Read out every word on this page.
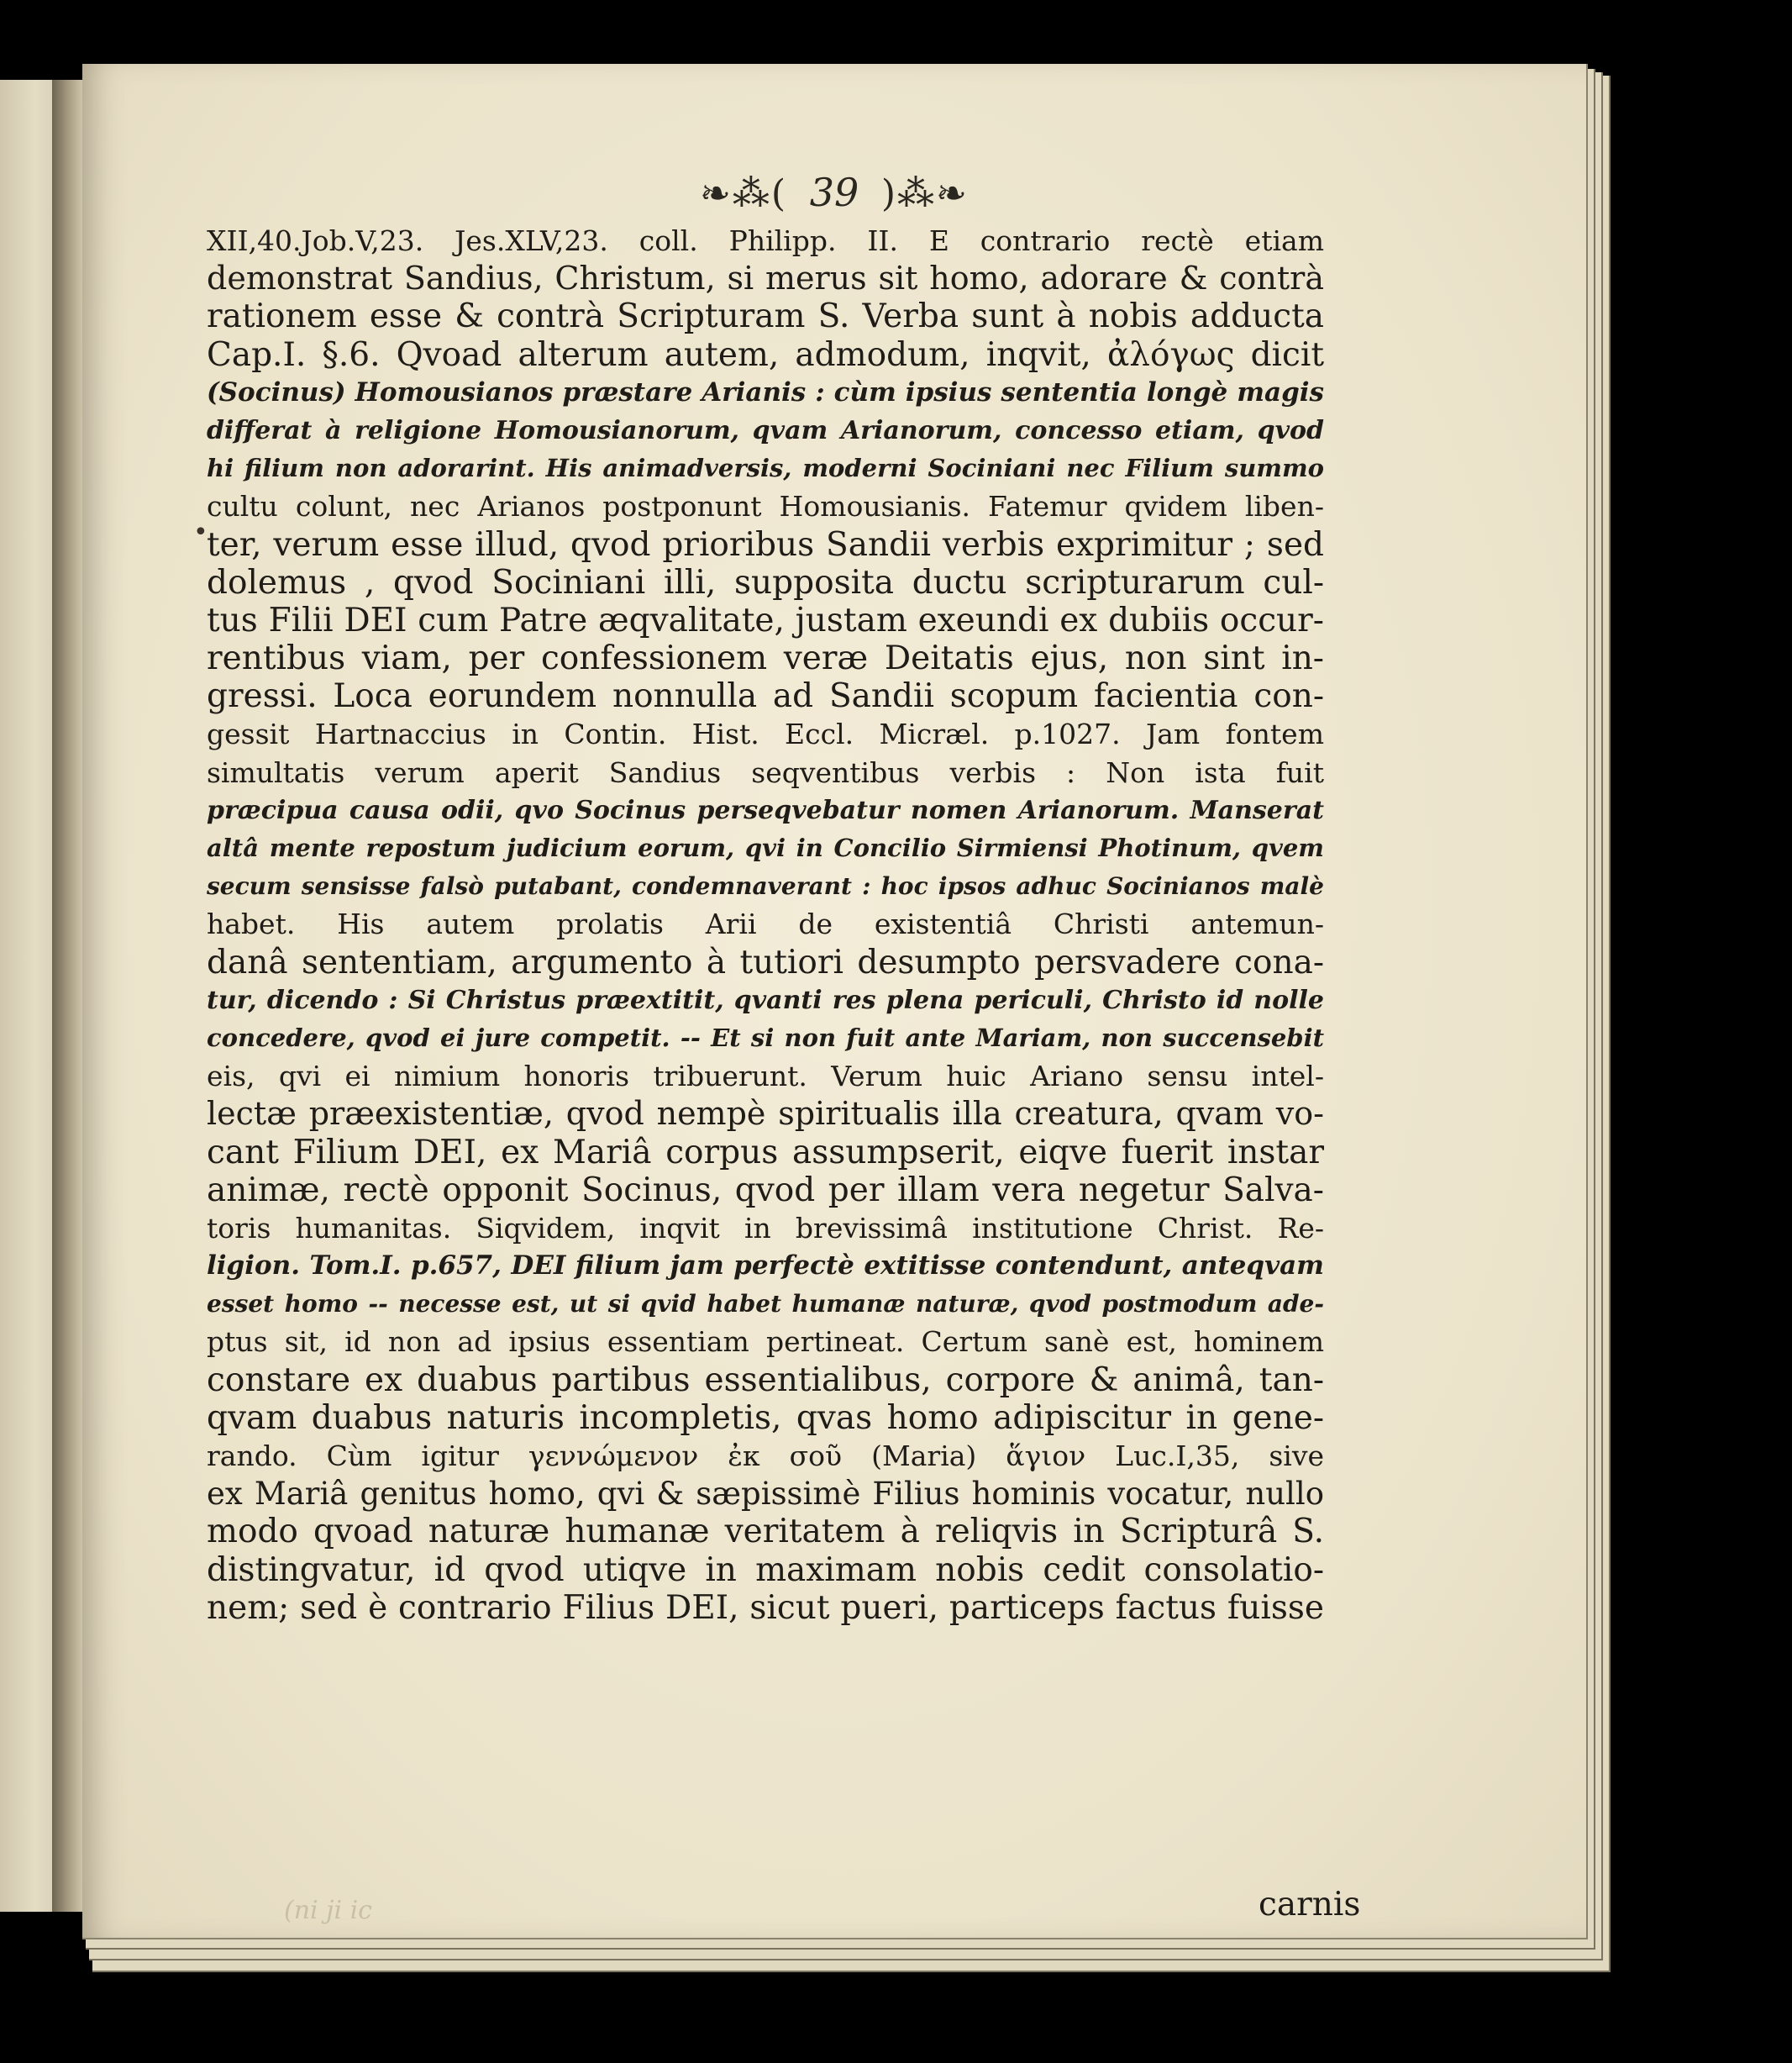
❧⁂( 39 )⁂❧
•
XII,40.Job.V,23. Jes.XLV,23. coll. Philipp. II. E contrario rectè etiam
demonstrat Sandius, Christum, si merus sit homo, adorare & contrà
rationem esse & contrà Scripturam S. Verba sunt à nobis adducta
Cap.I. §.6. Qvoad alterum autem, admodum, inqvit, ἀλόγως dicit
(Socinus) Homousianos præstare Arianis : cùm ipsius sententia longè magis
differat à religione Homousianorum, qvam Arianorum, concesso etiam, qvod
hi filium non adorarint. His animadversis, moderni Sociniani nec Filium summo
cultu colunt, nec Arianos postponunt Homousianis. Fatemur qvidem liben-
ter, verum esse illud, qvod prioribus Sandii verbis exprimitur ; sed
dolemus , qvod Sociniani illi, supposita ductu scripturarum cul-
tus Filii DEI cum Patre æqvalitate, justam exeundi ex dubiis occur-
rentibus viam, per confessionem veræ Deitatis ejus, non sint in-
gressi. Loca eorundem nonnulla ad Sandii scopum facientia con-
gessit Hartnaccius in Contin. Hist. Eccl. Micræl. p.1027. Jam fontem
simultatis verum aperit Sandius seqventibus verbis : Non ista fuit
præcipua causa odii, qvo Socinus perseqvebatur nomen Arianorum. Manserat
altâ mente repostum judicium eorum, qvi in Concilio Sirmiensi Photinum, qvem
secum sensisse falsò putabant, condemnaverant : hoc ipsos adhuc Socinianos malè
habet. His autem prolatis Arii de existentiâ Christi antemun-
danâ sententiam, argumento à tutiori desumpto persvadere cona-
tur, dicendo : Si Christus præextitit, qvanti res plena periculi, Christo id nolle
concedere, qvod ei jure competit. -- Et si non fuit ante Mariam, non succensebit
eis, qvi ei nimium honoris tribuerunt. Verum huic Ariano sensu intel-
lectæ præexistentiæ, qvod nempè spiritualis illa creatura, qvam vo-
cant Filium DEI, ex Mariâ corpus assumpserit, eiqve fuerit instar
animæ, rectè opponit Socinus, qvod per illam vera negetur Salva-
toris humanitas. Siqvidem, inqvit in brevissimâ institutione Christ. Re-
ligion. Tom.I. p.657, DEI filium jam perfectè extitisse contendunt, anteqvam
esset homo -- necesse est, ut si qvid habet humanæ naturæ, qvod postmodum ade-
ptus sit, id non ad ipsius essentiam pertineat. Certum sanè est, hominem
constare ex duabus partibus essentialibus, corpore & animâ, tan-
qvam duabus naturis incompletis, qvas homo adipiscitur in gene-
rando. Cùm igitur γεννώμενον ἐκ σοῦ (Maria) ἅγιον Luc.I,35, sive
ex Mariâ genitus homo, qvi & sæpissimè Filius hominis vocatur, nullo
modo qvoad naturæ humanæ veritatem à reliqvis in Scripturâ S.
distingvatur, id qvod utiqve in maximam nobis cedit consolatio-
nem; sed è contrario Filius DEI, sicut pueri, particeps factus fuisse
(ni ji ic	carnis
